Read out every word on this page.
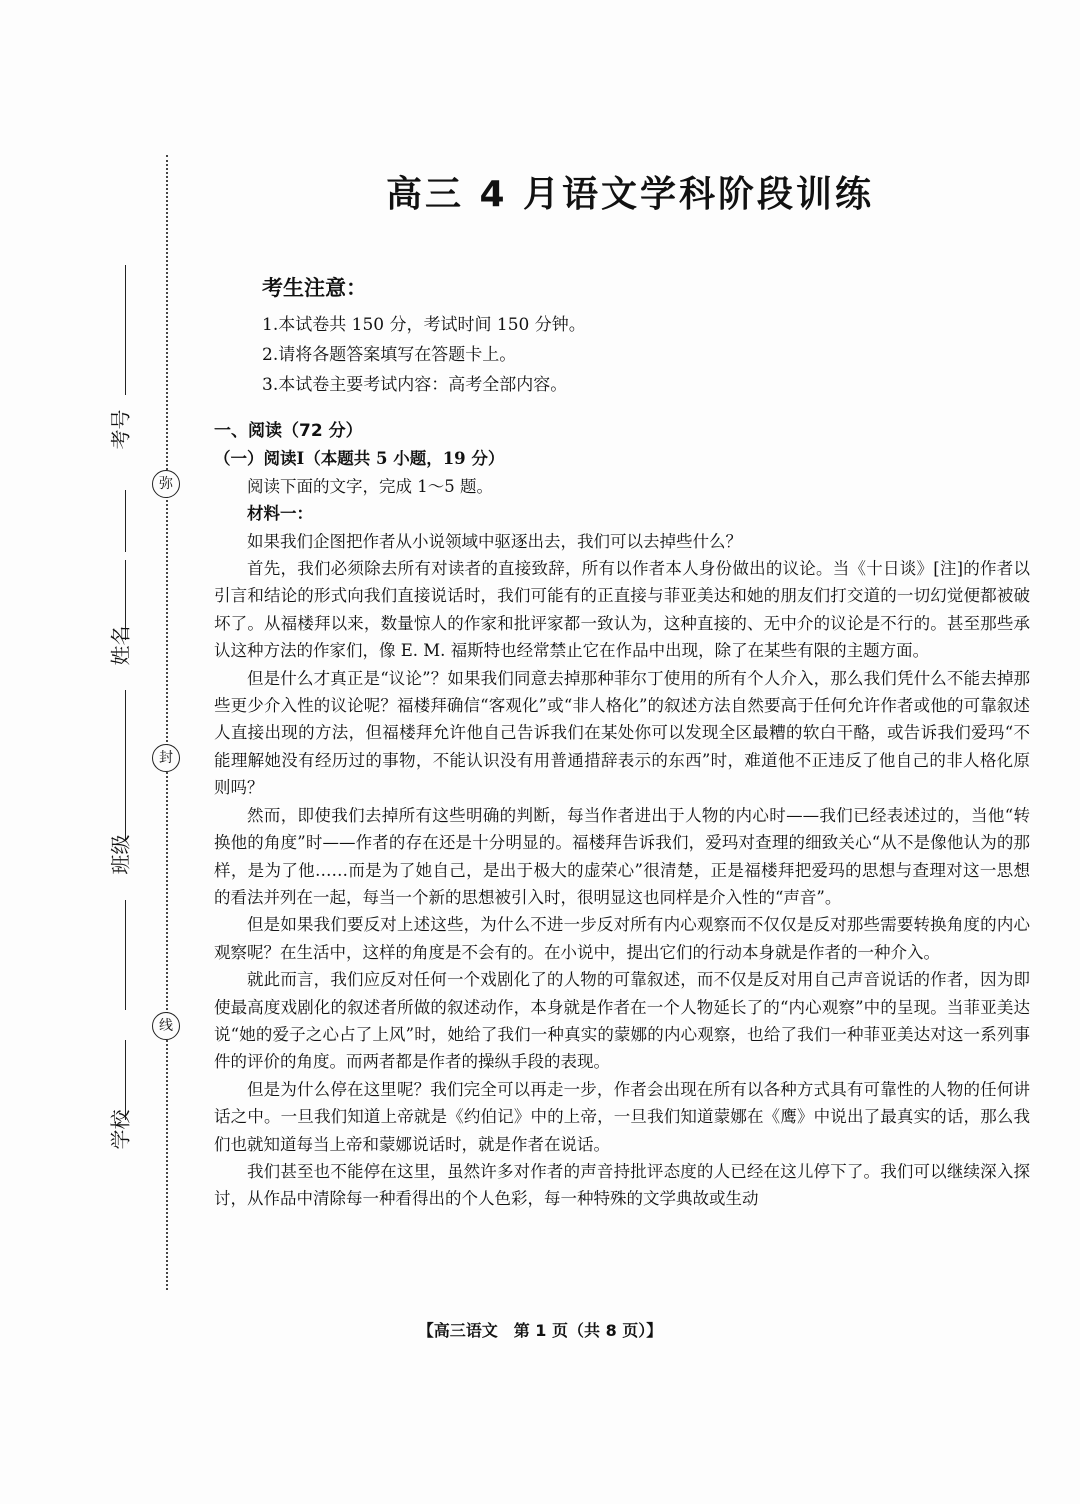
考号
弥
姓名
封
班级
线
学校
高三 4 月语文学科阶段训练
考生注意：
1.本试卷共 150 分，考试时间 150 分钟。
2.请将各题答案填写在答题卡上。
3.本试卷主要考试内容：高考全部内容。
一、阅读（72 分）
（一）阅读Ⅰ（本题共 5 小题，19 分）
阅读下面的文字，完成 1～5 题。
材料一：

如果我们企图把作者从小说领域中驱逐出去，我们可以去掉些什么？

首先，我们必须除去所有对读者的直接致辞，所有以作者本人身份做出的议论。当《十日谈》[注]的作者以引言和结论的形式向我们直接说话时，我们可能有的正直接与菲亚美达和她的朋友们打交道的一切幻觉便都被破坏了。从福楼拜以来，数量惊人的作家和批评家都一致认为，这种直接的、无中介的议论是不行的。甚至那些承认这种方法的作家们，像 E. M. 福斯特也经常禁止它在作品中出现，除了在某些有限的主题方面。

但是什么才真正是“议论”？如果我们同意去掉那种菲尔丁使用的所有个人介入，那么我们凭什么不能去掉那些更少介入性的议论呢？福楼拜确信“客观化”或“非人格化”的叙述方法自然要高于任何允许作者或他的可靠叙述人直接出现的方法，但福楼拜允许他自己告诉我们在某处你可以发现全区最糟的软白干酪，或告诉我们爱玛“不能理解她没有经历过的事物，不能认识没有用普通措辞表示的东西”时，难道他不正违反了他自己的非人格化原则吗？

然而，即使我们去掉所有这些明确的判断，每当作者进出于人物的内心时——我们已经表述过的，当他“转换他的角度”时——作者的存在还是十分明显的。福楼拜告诉我们，爱玛对查理的细致关心“从不是像他认为的那样，是为了他……而是为了她自己，是出于极大的虚荣心”很清楚，正是福楼拜把爱玛的思想与查理对这一思想的看法并列在一起，每当一个新的思想被引入时，很明显这也同样是介入性的“声音”。

但是如果我们要反对上述这些，为什么不进一步反对所有内心观察而不仅仅是反对那些需要转换角度的内心观察呢？在生活中，这样的角度是不会有的。在小说中，提出它们的行动本身就是作者的一种介入。

就此而言，我们应反对任何一个戏剧化了的人物的可靠叙述，而不仅是反对用自己声音说话的作者，因为即使最高度戏剧化的叙述者所做的叙述动作，本身就是作者在一个人物延长了的“内心观察”中的呈现。当菲亚美达说“她的爱子之心占了上风”时，她给了我们一种真实的蒙娜的内心观察，也给了我们一种菲亚美达对这一系列事件的评价的角度。而两者都是作者的操纵手段的表现。

但是为什么停在这里呢？我们完全可以再走一步，作者会出现在所有以各种方式具有可靠性的人物的任何讲话之中。一旦我们知道上帝就是《约伯记》中的上帝，一旦我们知道蒙娜在《鹰》中说出了最真实的话，那么我们也就知道每当上帝和蒙娜说话时，就是作者在说话。

我们甚至也不能停在这里，虽然许多对作者的声音持批评态度的人已经在这儿停下了。我们可以继续深入探讨，从作品中清除每一种看得出的个人色彩，每一种特殊的文学典故或生动

【高三语文　第 1 页（共 8 页）】
